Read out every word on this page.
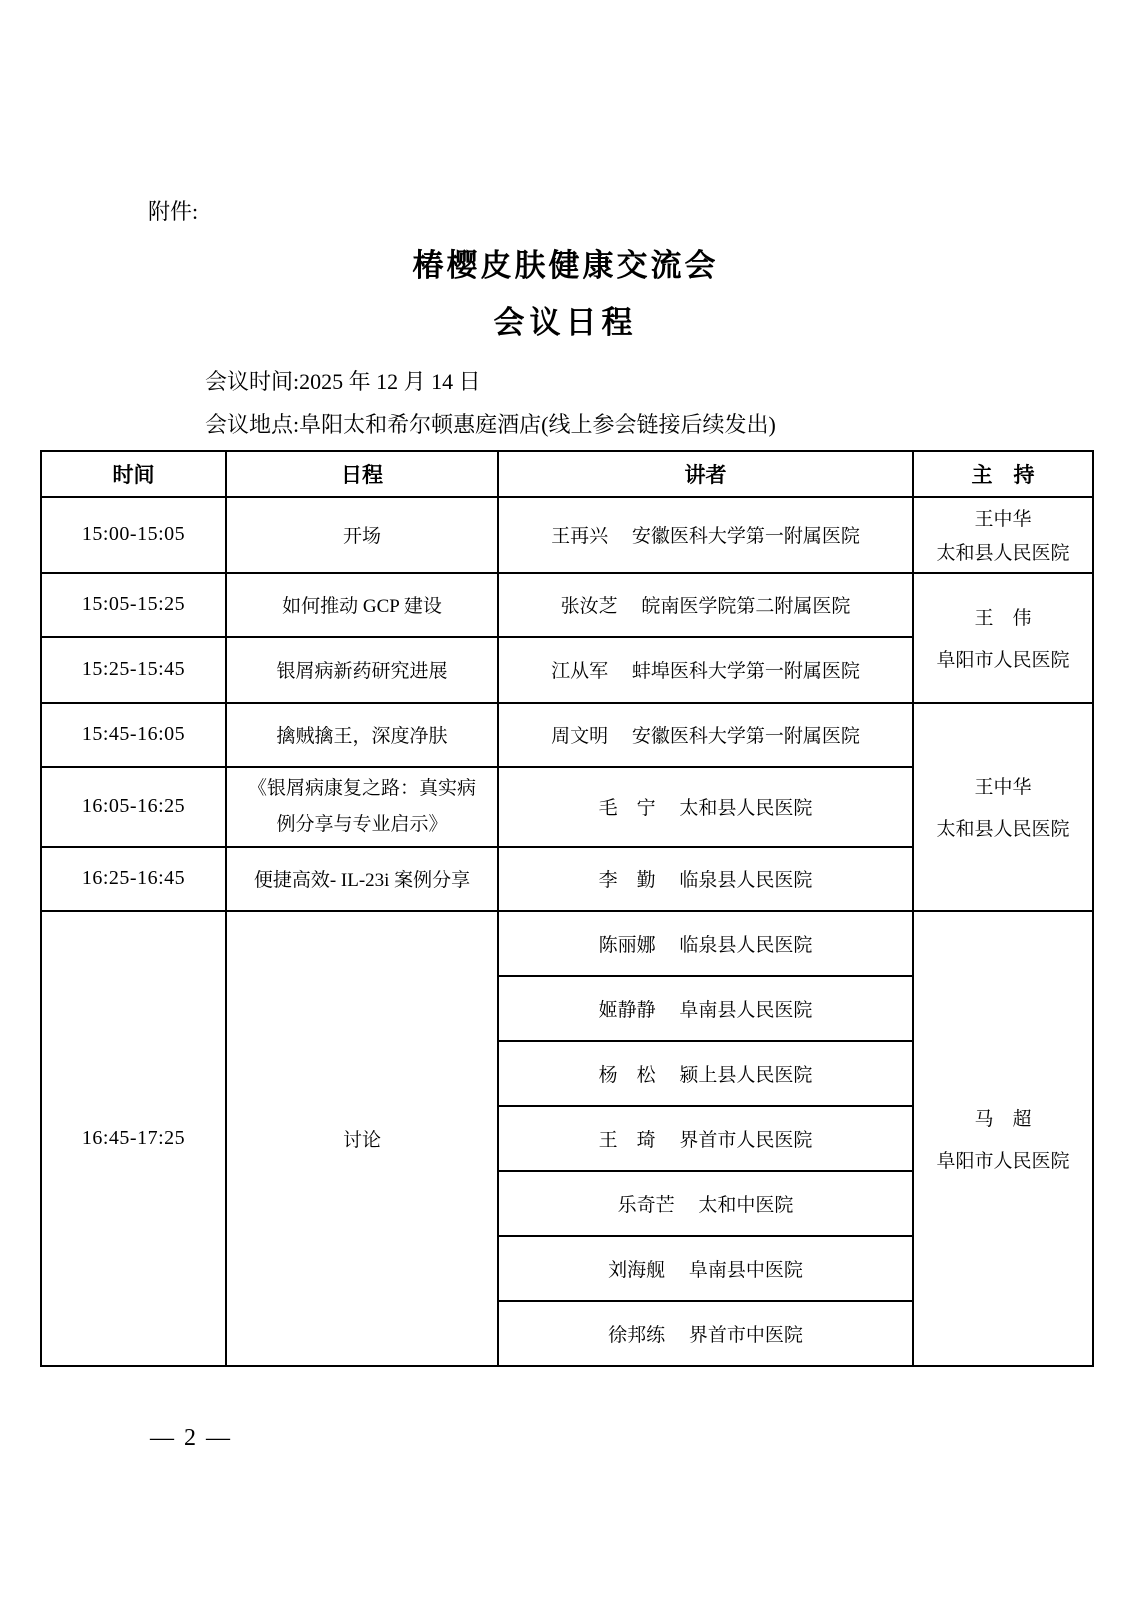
附件:
椿樱皮肤健康交流会
会议日程
会议时间:2025 年 12 月 14 日
会议地点:阜阳太和希尔顿惠庭酒店(线上参会链接后续发出)
时间	日程	讲者	主　持
15:00-15:05	开场	王再兴　 安徽医科大学第一附属医院	王中华
太和县人民医院

15:05-15:25	如何推动 GCP 建设	张汝芝　 皖南医学院第二附属医院	王　伟
阜阳市人民医院

15:25-15:45	银屑病新药研究进展	江从军　 蚌埠医科大学第一附属医院	
15:45-16:05	擒贼擒王，深度净肤	周文明　 安徽医科大学第一附属医院	王中华
太和县人民医院

16:05-16:25	《银屑病康复之路：真实病
例分享与专业启示》	毛　宁　 太和县人民医院	
16:25-16:45	便捷高效- IL-23i 案例分享	李　勤　 临泉县人民医院	
16:45-17:25	讨论	陈丽娜　 临泉县人民医院	马　超
阜阳市人民医院

		姬静静　 阜南县人民医院	
		杨　松　 颍上县人民医院	
		王　琦　 界首市人民医院	
		乐奇芒　 太和中医院	
		刘海舰　 阜南县中医院	
		徐邦练　 界首市中医院	
— 2 —
